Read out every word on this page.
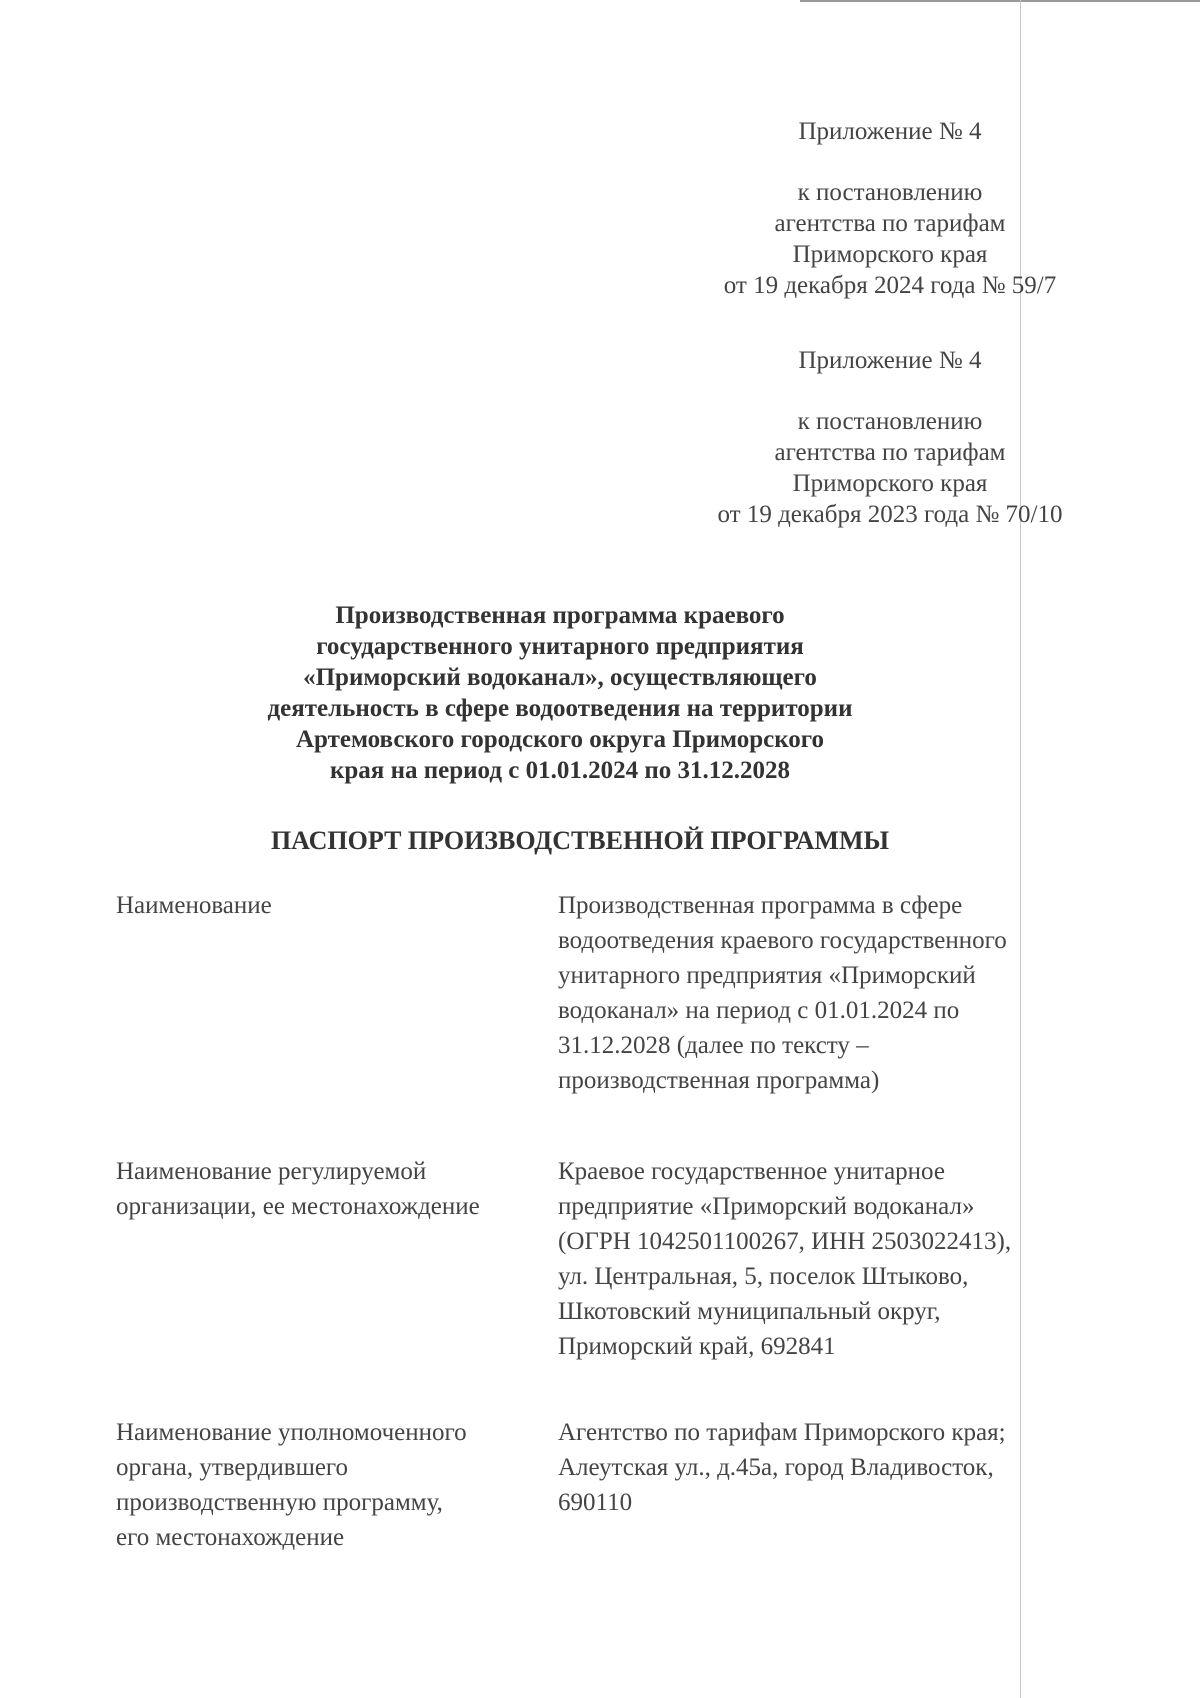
Приложение № 4
к постановлению
агентства по тарифам
Приморского края
от 19 декабря 2024 года № 59/7
Приложение № 4
к постановлению
агентства по тарифам
Приморского края
от 19 декабря 2023 года № 70/10
Производственная программа краевого
государственного унитарного предприятия
«Приморский водоканал», осуществляющего
деятельность в сфере водоотведения на территории
Артемовского городского округа Приморского
края на период с 01.01.2024 по 31.12.2028
ПАСПОРТ ПРОИЗВОДСТВЕННОЙ ПРОГРАММЫ
Наименование	Производственная программа в сфере
водоотведения краевого государственного
унитарного предприятия «Приморский
водоканал» на период с 01.01.2024 по
31.12.2028 (далее по тексту –
производственная программа)
Наименование регулируемой
организации, ее местонахождение
Краевое государственное унитарное
предприятие «Приморский водоканал»
(ОГРН 1042501100267, ИНН 2503022413),
ул. Центральная, 5, поселок Штыково,
Шкотовский муниципальный округ,
Приморский край, 692841
Наименование уполномоченного
органа, утвердившего
производственную программу,
его местонахождение
Агентство по тарифам Приморского края;
Алеутская ул., д.45а, город Владивосток,
690110
